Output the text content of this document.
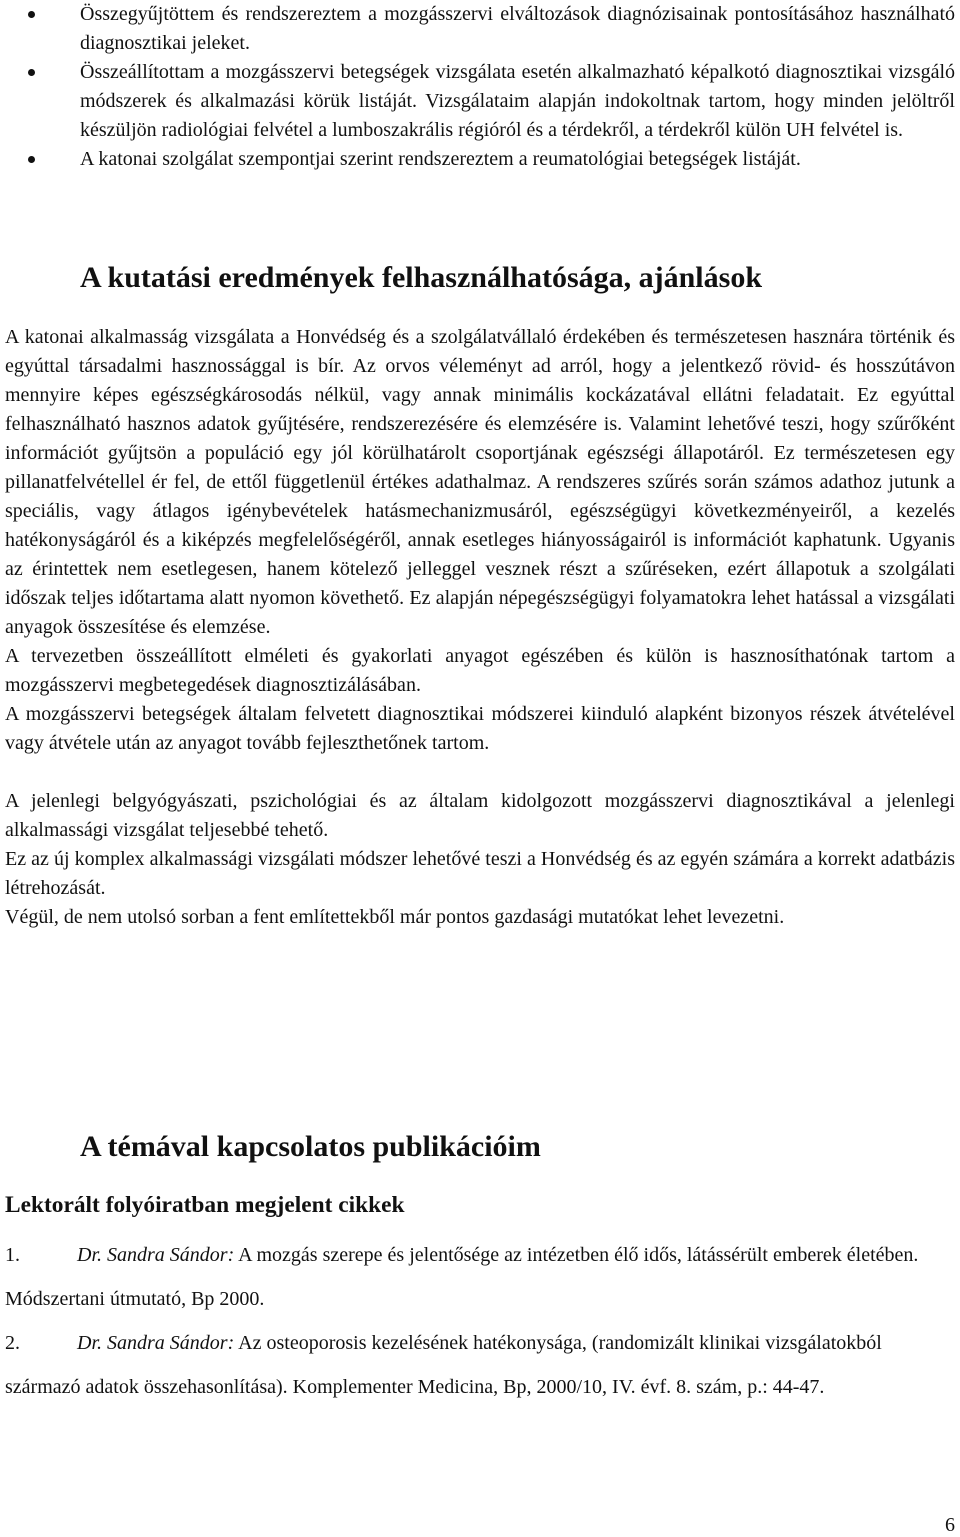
Összegyűjtöttem és rendszereztem a mozgásszervi elváltozások diagnózisainak pontosításához használható diagnosztikai jeleket.
Összeállítottam a mozgásszervi betegségek vizsgálata esetén alkalmazható képalkotó diagnosztikai vizsgáló módszerek és alkalmazási körük listáját. Vizsgálataim alapján indokoltnak tartom, hogy minden jelöltről készüljön radiológiai felvétel a lumboszakrális régióról és a térdekről, a térdekről külön UH felvétel is.
A katonai szolgálat szempontjai szerint rendszereztem a reumatológiai betegségek listáját.
A kutatási eredmények felhasználhatósága, ajánlások

A katonai alkalmasság vizsgálata a Honvédség és a szolgálatvállaló érdekében és természetesen hasznára történik és egyúttal társadalmi hasznossággal is bír. Az orvos véleményt ad arról, hogy a jelentkező rövid- és hosszútávon mennyire képes egészségkárosodás nélkül, vagy annak minimális kockázatával ellátni feladatait. Ez egyúttal felhasználható hasznos adatok gyűjtésére, rendszerezésére és elemzésére is. Valamint lehetővé teszi, hogy szűrőként információt gyűjtsön a populáció egy jól körülhatárolt csoportjának egészségi állapotáról. Ez természetesen egy pillanatfelvétellel ér fel, de ettől függetlenül értékes adathalmaz. A rendszeres szűrés során számos adathoz jutunk a speciális, vagy átlagos igénybevételek hatásmechanizmusáról, egészségügyi következményeiről, a kezelés hatékonyságáról és a kiképzés megfelelőségéről, annak esetleges hiányosságairól is információt kaphatunk. Ugyanis az érintettek nem esetlegesen, hanem kötelező jelleggel vesznek részt a szűréseken, ezért állapotuk a szolgálati időszak teljes időtartama alatt nyomon követhető. Ez alapján népegészségügyi folyamatokra lehet hatással a vizsgálati anyagok összesítése és elemzése.

A tervezetben összeállított elméleti és gyakorlati anyagot egészében és külön is hasznosíthatónak tartom a mozgásszervi megbetegedések diagnosztizálásában.

A mozgásszervi betegségek általam felvetett diagnosztikai módszerei kiinduló alapként bizonyos részek átvételével vagy átvétele után az anyagot tovább fejleszthetőnek tartom.

A jelenlegi belgyógyászati, pszichológiai és az általam kidolgozott mozgásszervi diagnosztikával a jelenlegi alkalmassági vizsgálat teljesebbé tehető.

Ez az új komplex alkalmassági vizsgálati módszer lehetővé teszi a Honvédség és az egyén számára a korrekt adatbázis létrehozását.

Végül, de nem utolsó sorban a fent említettekből már pontos gazdasági mutatókat lehet levezetni.

A témával kapcsolatos publikációim
Lektorált folyóiratban megjelent cikkek

1.	Dr. Sandra Sándor: A mozgás szerepe és jelentősége az intézetben élő idős, látássérült emberek életében. Módszertani útmutató, Bp 2000.

2.	Dr. Sandra Sándor: Az osteoporosis kezelésének hatékonysága, (randomizált klinikai vizsgálatokból származó adatok összehasonlítása). Komplementer Medicina, Bp, 2000/10, IV. évf. 8. szám, p.: 44-47.

6
